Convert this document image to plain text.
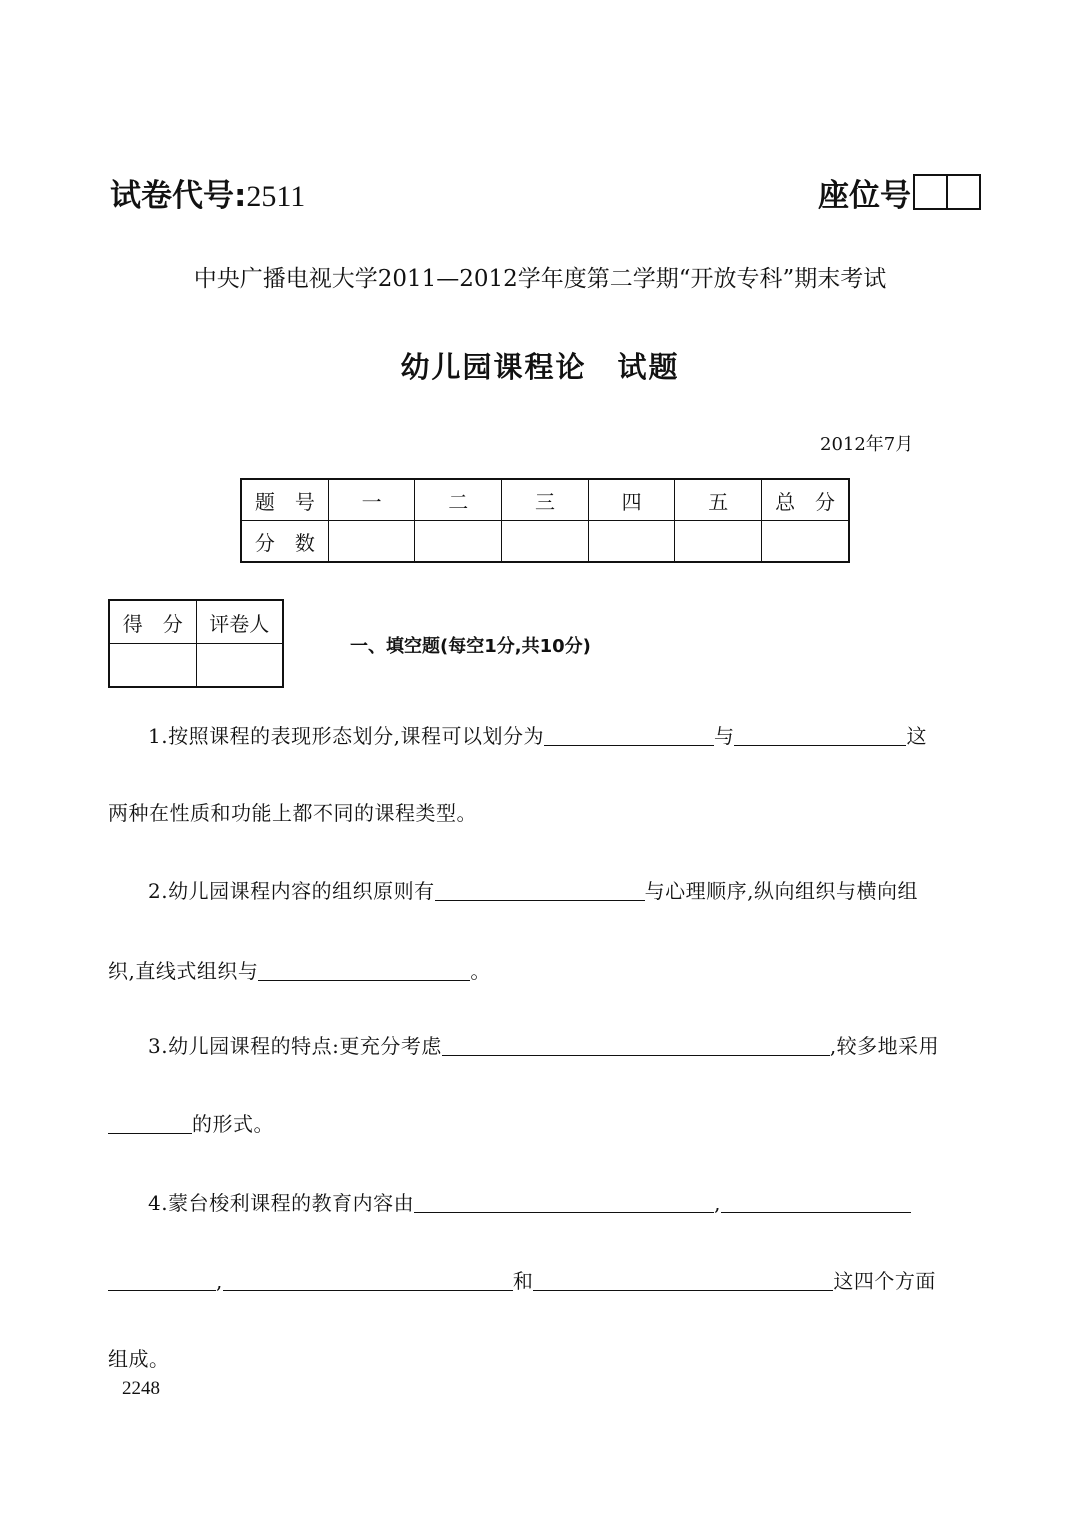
试卷代号:2511	座位号
中央广播电视大学2011—2012学年度第二学期“开放专科”期末考试
幼儿园课程论　试题
2012年7月
题　号	一	二	三	四	五	总　分
分　数						
得　分	评卷人

一、填空题(每空1分,共10分)
1.按照课程的表现形态划分,课程可以划分为	与	这
两种在性质和功能上都不同的课程类型。
2.幼儿园课程内容的组织原则有	与心理顺序,纵向组织与横向组
织,直线式组织与	。
3.幼儿园课程的特点:更充分考虑	,较多地采用
的形式。
4.蒙台梭利课程的教育内容由	,
,	和	这四个方面
组成。
2248
